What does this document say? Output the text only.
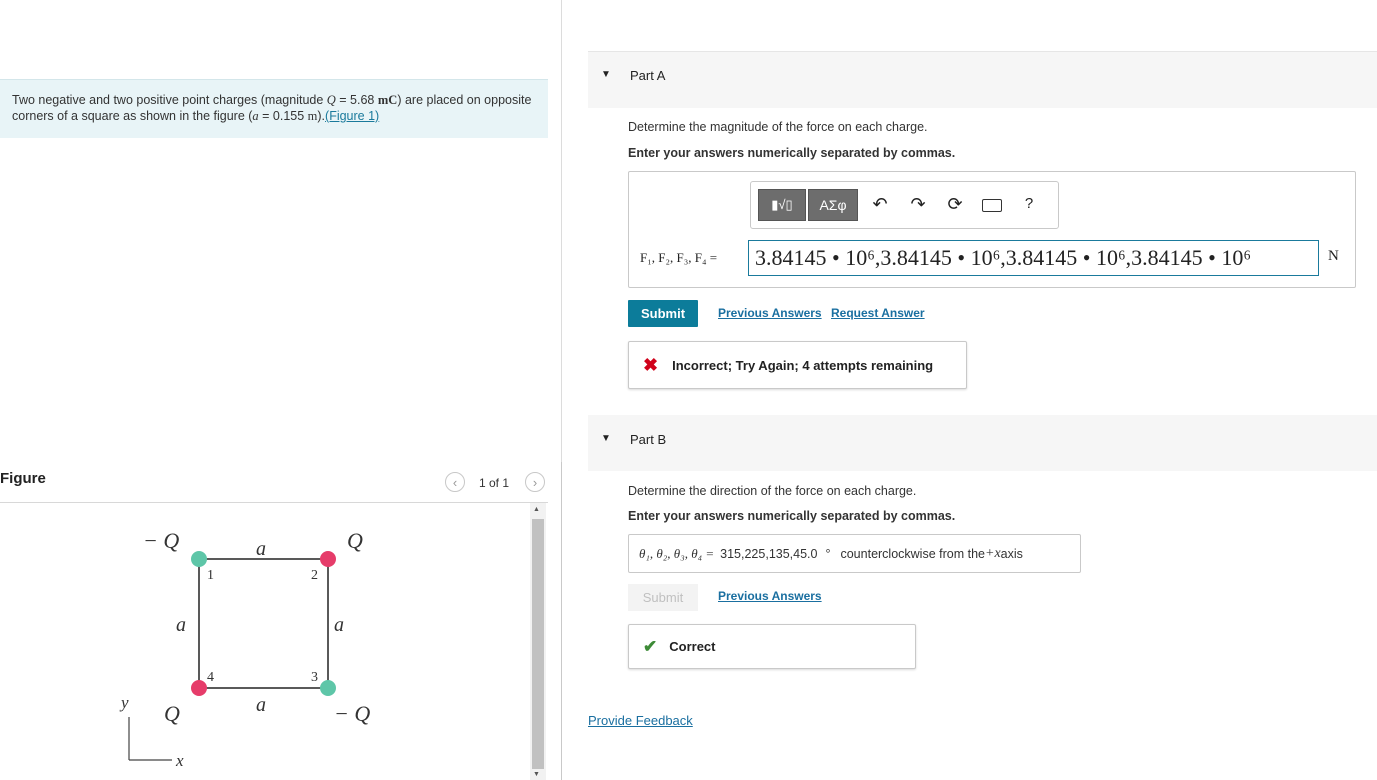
Two negative and two positive point charges (magnitude Q = 5.68 mC) are placed on opposite corners of a square as shown in the figure (a = 0.155 m).(Figure 1)
Figure	‹ 1 of 1 ›
− Q	Q
Q	− Q
a
a
a	a
1	2
3
4
y
x
▲
▼
▼ Part A
Determine the magnitude of the force on each charge.
Enter your answers numerically separated by commas.
▮√▯	ΑΣφ	↶ ↷ ⟳	?
F₁, F₂, F₃, F₄ =	3.84145 • 10⁶,3.84145 • 10⁶,3.84145 • 10⁶,3.84145 • 10⁶	N
Submit	Previous Answers Request Answer
✖ Incorrect; Try Again; 4 attempts remaining
▼ Part B
Determine the direction of the force on each charge.
Enter your answers numerically separated by commas.
θ₁, θ₂, θ₃, θ₄ = 315,225,135,45.0 ° counterclockwise from the +x axis
Submit	Previous Answers
✔ Correct
Provide Feedback
